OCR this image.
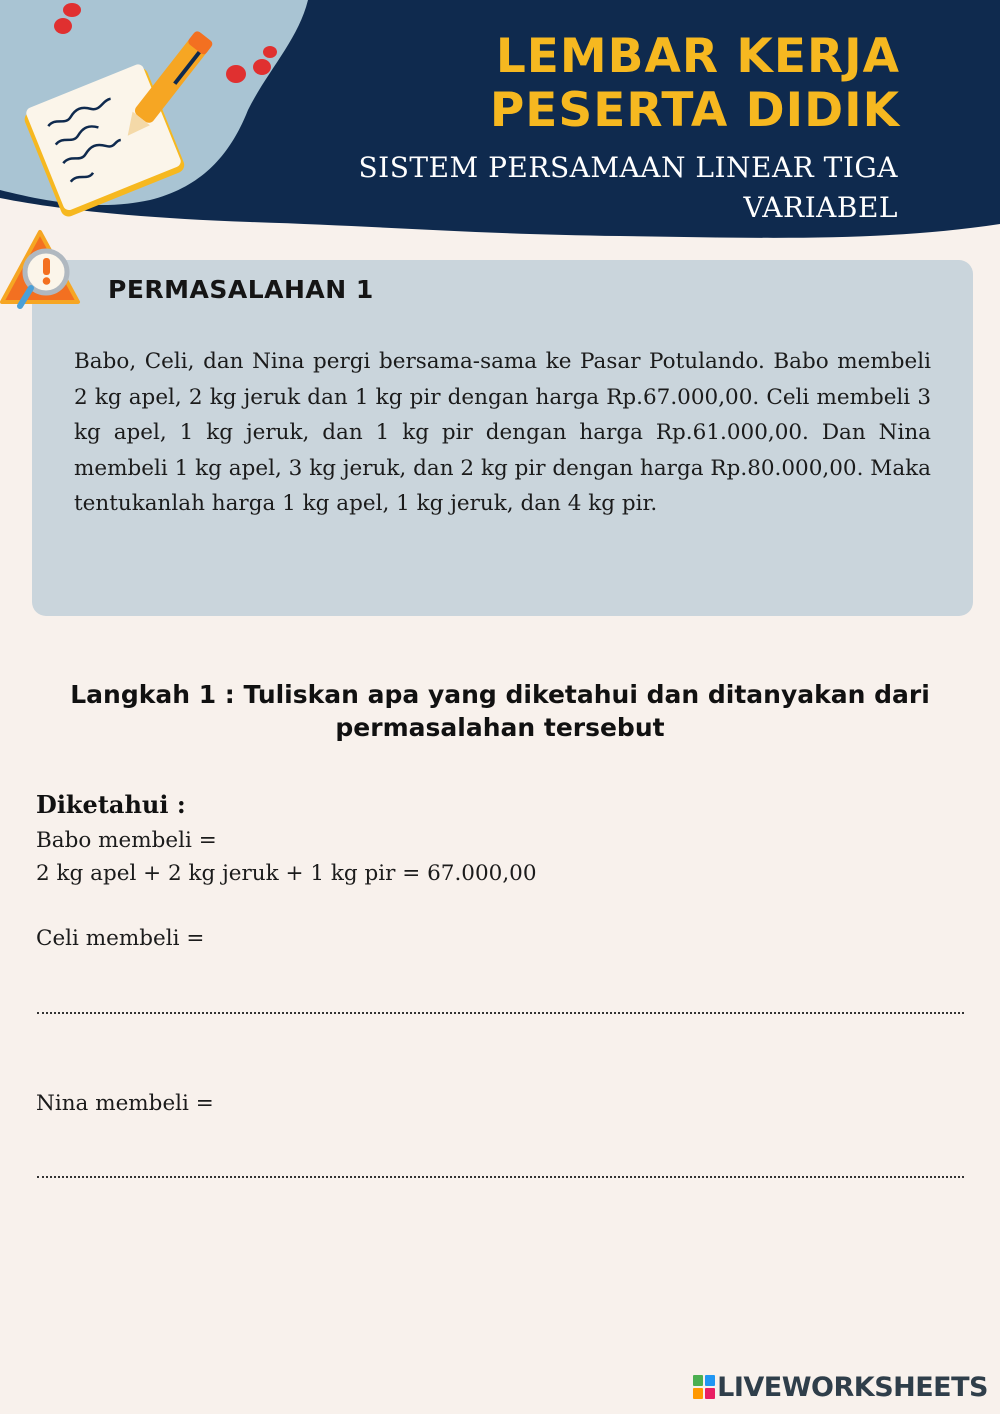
LEMBAR KERJA
PESERTA DIDIK

SISTEM PERSAMAAN LINEAR TIGA VARIABEL

PERMASALAHAN 1

Babo, Celi, dan Nina pergi bersama-sama ke Pasar Potulando. Babo membeli 2 kg apel, 2 kg jeruk dan 1 kg pir dengan harga Rp.67.000,00. Celi membeli 3 kg apel, 1 kg jeruk, dan 1 kg pir dengan harga Rp.61.000,00. Dan Nina membeli 1 kg apel, 3 kg jeruk, dan 2 kg pir dengan harga Rp.80.000,00. Maka tentukanlah harga 1 kg apel, 1 kg jeruk, dan 4 kg pir.

Langkah 1 : Tuliskan apa yang diketahui dan ditanyakan dari permasalahan tersebut

Diketahui :

Babo membeli =

2 kg apel + 2 kg jeruk + 1 kg pir = 67.000,00

Celi membeli =

Nina membeli =

LIVEWORKSHEETS
